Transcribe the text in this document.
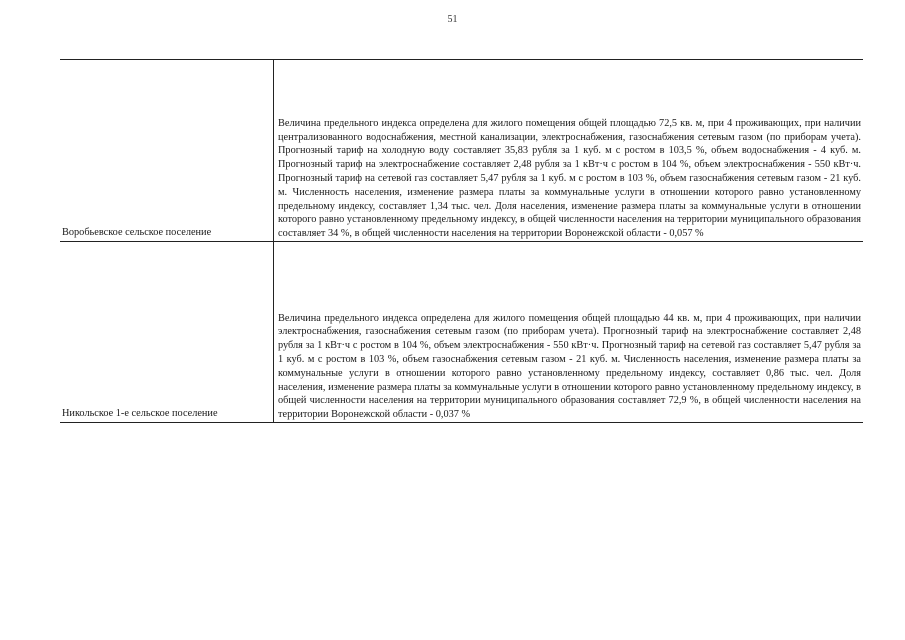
51
Воробьевское сельское поселение

Величина предельного индекса определена для жилого помещения общей площадью 72,5 кв. м, при 4 проживающих, при наличии централизованного водоснабжения, местной канализации, электроснабжения, газоснабжения сетевым газом (по приборам учета). Прогнозный тариф на холодную воду составляет 35,83 рубля за 1 куб. м с ростом в 103,5 %, объем водоснабжения - 4 куб. м. Прогнозный тариф на электроснабжение составляет 2,48 рубля за 1 кВт·ч с ростом в 104 %, объем электроснабжения - 550 кВт·ч. Прогнозный тариф на сетевой газ составляет 5,47 рубля за 1 куб. м с ростом в 103 %, объем газоснабжения сетевым газом - 21 куб. м. Численность населения, изменение размера платы за коммунальные услуги в отношении которого равно установленному предельному индексу, составляет 1,34 тыс. чел. Доля населения, изменение размера платы за коммунальные услуги в отношении которого равно установленному предельному индексу, в общей численности населения на территории муниципального образования составляет 34 %, в общей численности населения на территории Воронежской области - 0,057 %

Никольское 1-е сельское поселение

Величина предельного индекса определена для жилого помещения общей площадью 44 кв. м, при 4 проживающих, при наличии электроснабжения, газоснабжения сетевым газом (по приборам учета). Прогнозный тариф на электроснабжение составляет 2,48 рубля за 1 кВт·ч с ростом в 104 %, объем электроснабжения - 550 кВт·ч. Прогнозный тариф на сетевой газ составляет 5,47 рубля за 1 куб. м с ростом в 103 %, объем газоснабжения сетевым газом - 21 куб. м. Численность населения, изменение размера платы за коммунальные услуги в отношении которого равно установленному предельному индексу, составляет 0,86 тыс. чел. Доля населения, изменение размера платы за коммунальные услуги в отношении которого равно установленному предельному индексу, в общей численности населения на территории муниципального образования составляет 72,9 %, в общей численности населения на территории Воронежской области - 0,037 %
